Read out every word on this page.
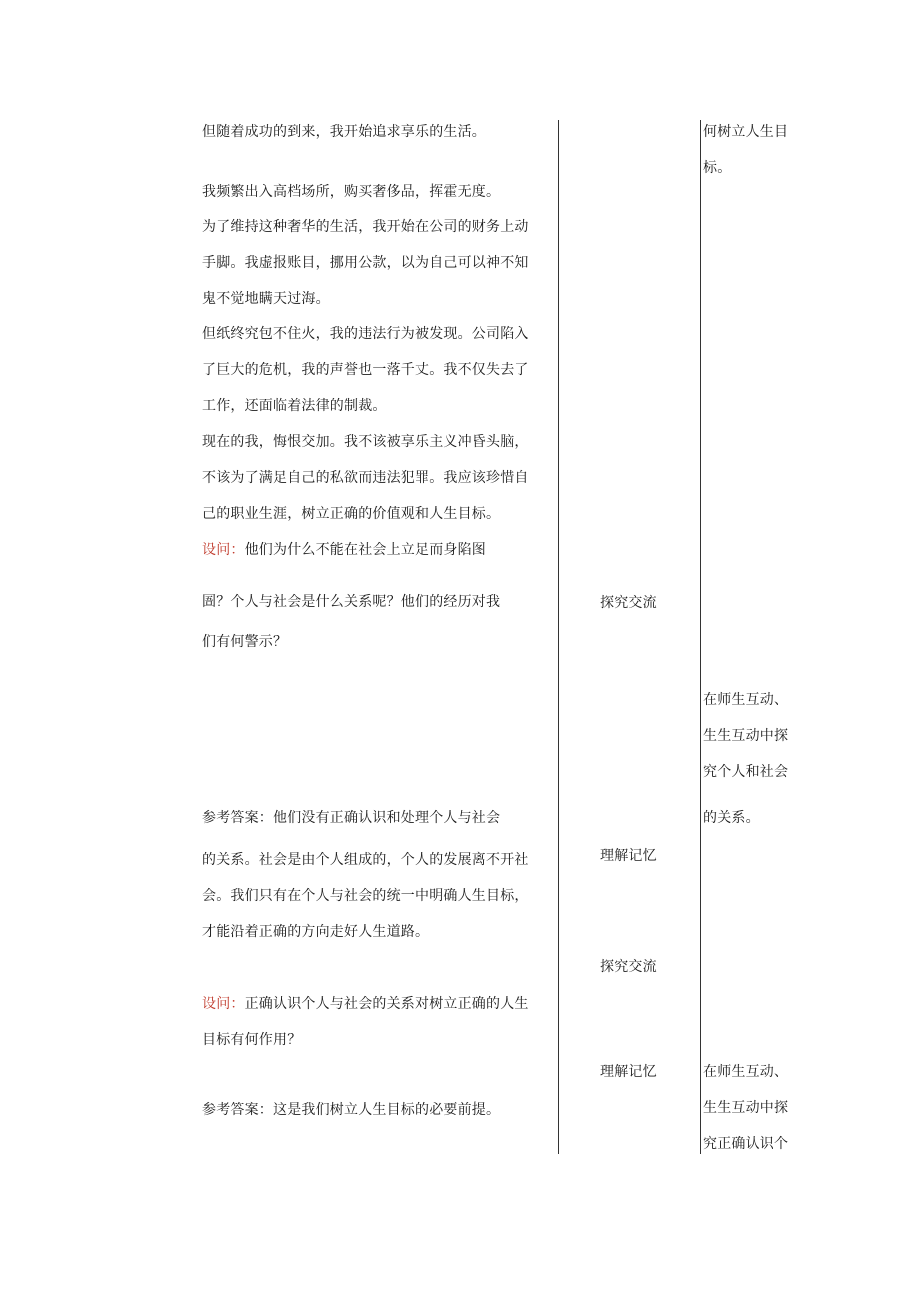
但随着成功的到来，我开始追求享乐的生活。
我频繁出入高档场所，购买奢侈品，挥霍无度。
为了维持这种奢华的生活，我开始在公司的财务上动
手脚。我虚报账目，挪用公款，以为自己可以神不知
鬼不觉地瞒天过海。
但纸终究包不住火，我的违法行为被发现。公司陷入
了巨大的危机，我的声誉也一落千丈。我不仅失去了
工作，还面临着法律的制裁。
现在的我，悔恨交加。我不该被享乐主义冲昏头脑，
不该为了满足自己的私欲而违法犯罪。我应该珍惜自
己的职业生涯，树立正确的价值观和人生目标。
设问：他们为什么不能在社会上立足而身陷图
圄？个人与社会是什么关系呢？他们的经历对我
们有何警示？
参考答案：他们没有正确认识和处理个人与社会
的关系。社会是由个人组成的，个人的发展离不开社
会。我们只有在个人与社会的统一中明确人生目标，
才能沿着正确的方向走好人生道路。
设问：正确认识个人与社会的关系对树立正确的人生
目标有何作用？
参考答案：这是我们树立人生目标的必要前提。
探究交流
理解记忆
探究交流
理解记忆
何树立人生目
标。
在师生互动、
生生互动中探
究个人和社会
的关系。
在师生互动、
生生互动中探
究正确认识个
